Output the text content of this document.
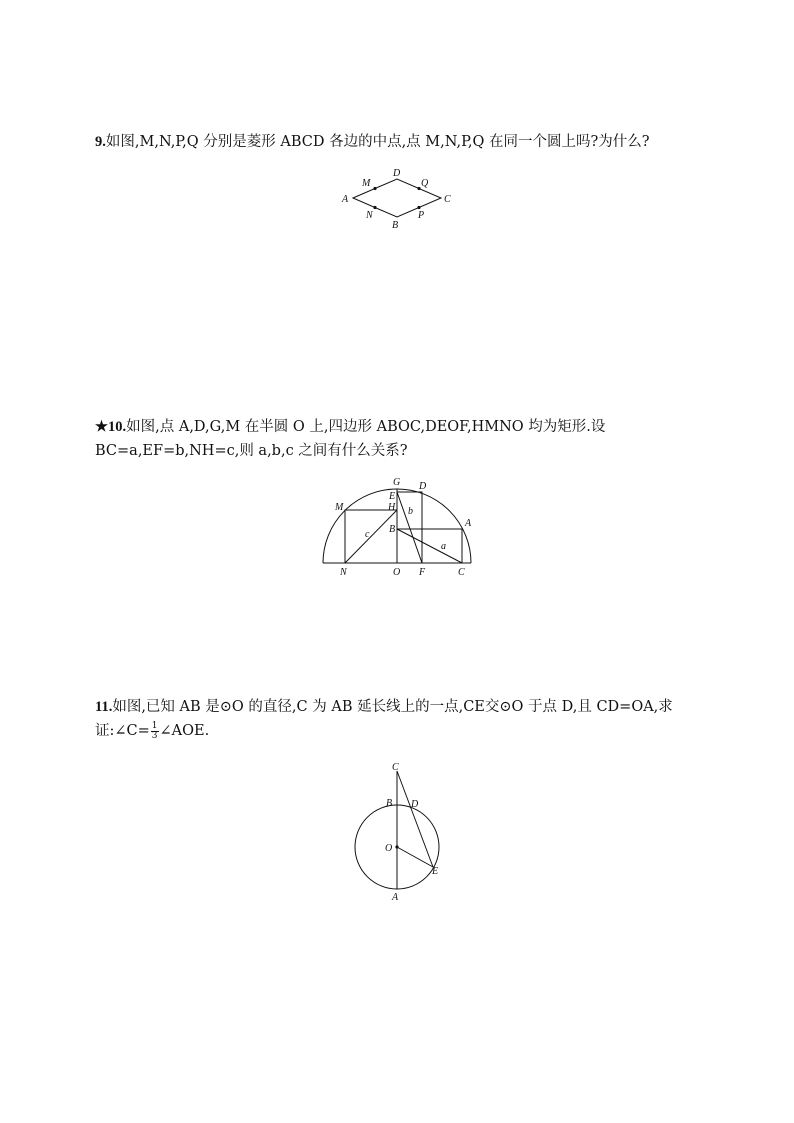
9.如图,M,N,P,Q 分别是菱形 ABCD 各边的中点,点 M,N,P,Q 在同一个圆上吗?为什么?
A
D
C
B
M	Q
N	P
★10.如图,点 A,D,G,M 在半圆 O 上,四边形 ABOC,DEOF,HMNO 均为矩形.设
BC=a,EF=b,NH=c,则 a,b,c 之间有什么关系?
G D
E
H
M	b
c B
A
a
N	O F	C
11.如图,已知 AB 是⊙O 的直径,C 为 AB 延长线上的一点,CE交⊙O 于点 D,且 CD=OA,求
证:∠C= $\frac{1}{3}$ ∠AOE.
C
B D
O
E
A
